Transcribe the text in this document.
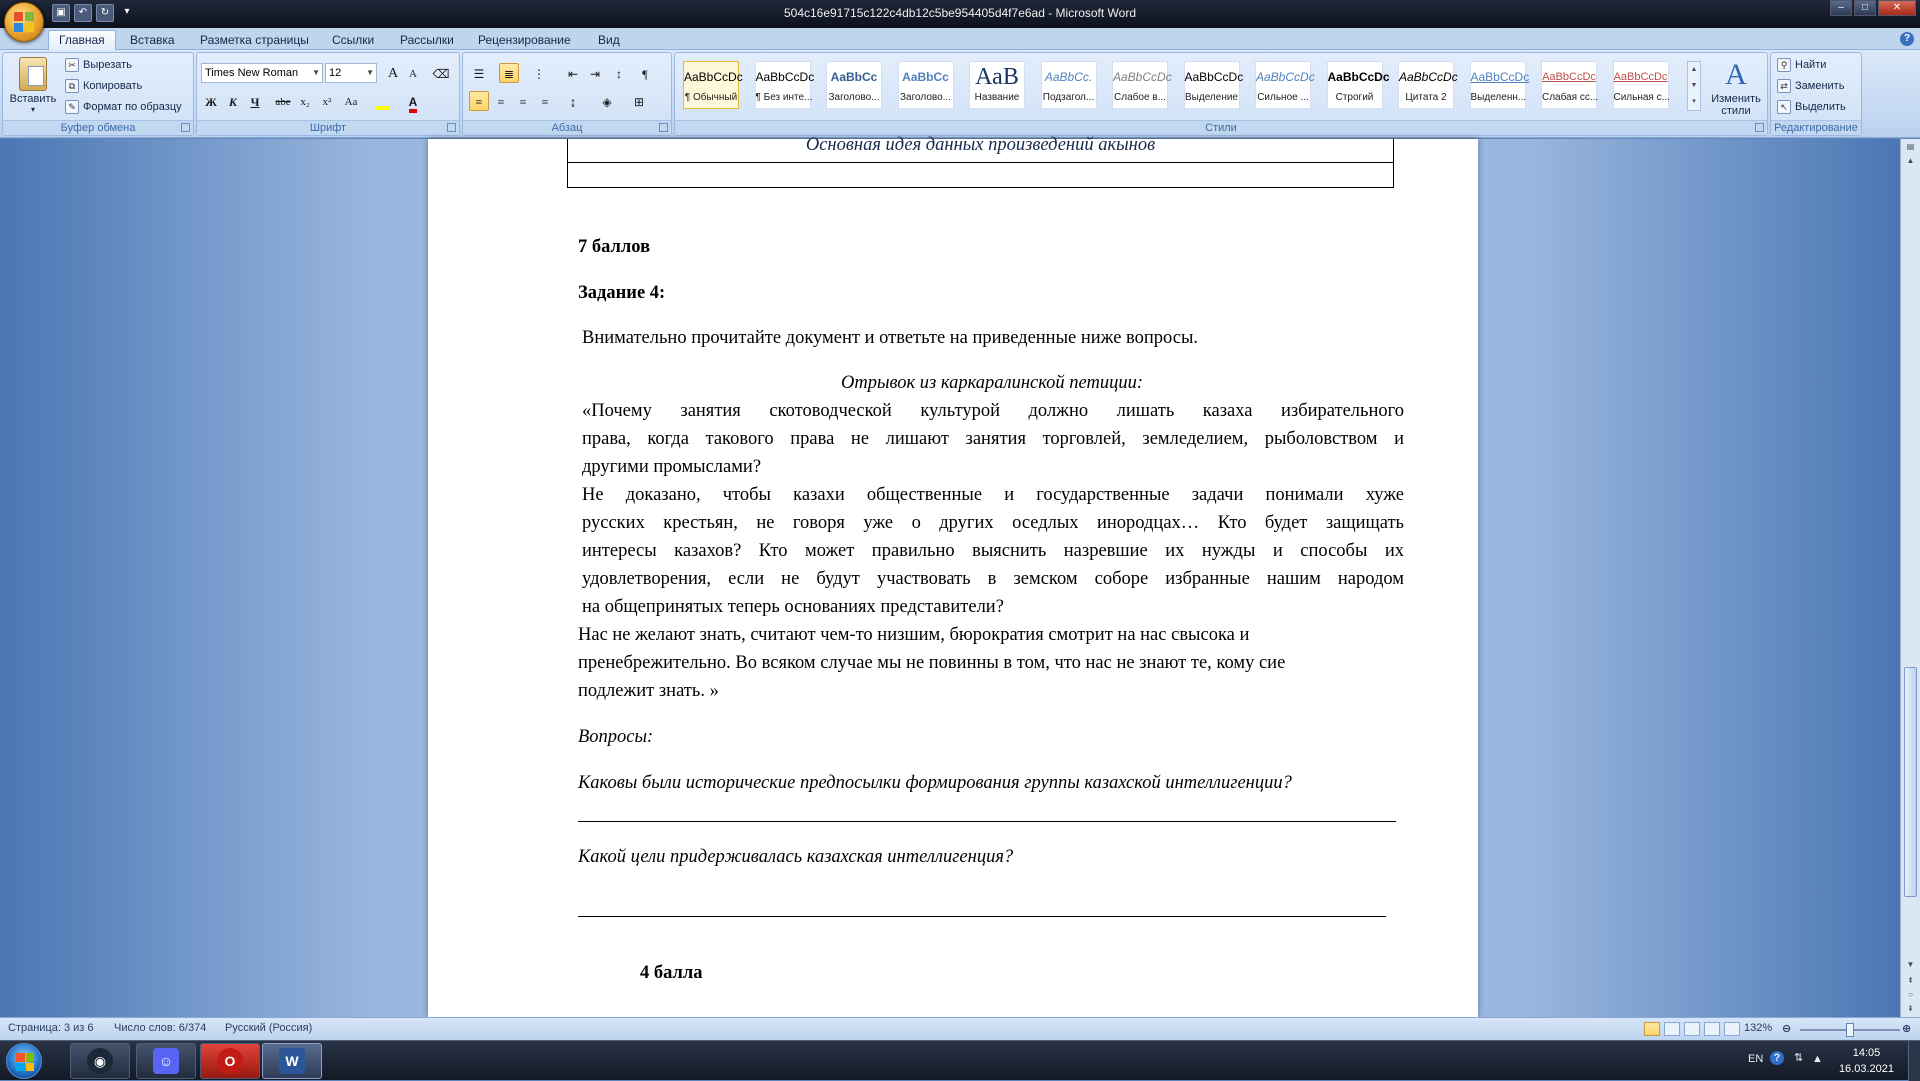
▣	↶	↻	▾	504c16e91715c122c4db12c5be954405d4f7e6ad - Microsoft Word	–	□	✕
Главная	Вставка Разметка страницы Ссылки Рассылки Рецензирование Вид	?
Вставить
▾
✂ Вырезать
⧉ Копировать
✎ Формат по образцу
Буфер обмена
Times New Roman ▼ 12	▼ A A	⌫
Ж К	Ч	abe x₂	x²	Aa	A
Шрифт
☰	≣	⋮	⇤ ⇥	↕	¶
≡	≡	≡	≡	↨	◈	⊞
Абзац
AaBbCcDc
¶ Обычный
AaBbCcDc
¶ Без инте...
AaBbCc
Заголово...
AaBbCc
Заголово...
АаВ
Название
AaBbCc.
Подзагол...
AaBbCcDc
Слабое в...
AaBbCcDc
Выделение
AaBbCcDc
Сильное ...
AaBbCcDc
Строгий
AaBbCcDc
Цитата 2
AaBbCcDc
Выделенн...
AaBbCcDc
Слабая сс...
AaBbCcDc
Сильная с...
▲
▼
▾
A
Изменить стили
Стили
⚲ Найти
⇄ Заменить
↖ Выделить
Редактирование
Основная идея данных произведений акынов

7 баллов

Задание 4:

Внимательно прочитайте документ и ответьте на приведенные ниже вопросы.

Отрывок из каркаралинской петиции:

«Почему занятия скотоводческой культурой должно лишать казаха избирательного

права, когда такового права не лишают занятия торговлей, земледелием, рыболовством и

другими промыслами?

Не доказано, чтобы казахи общественные и государственные задачи понимали хуже

русских крестьян, не говоря уже о других оседлых инородцах… Кто будет защищать

интересы казахов? Кто может правильно выяснить назревшие их нужды и способы их

удовлетворения, если не будут участвовать в земском соборе избранные нашим народом

на общепринятых теперь основаниях представители?

Нас не желают знать, считают чем-то низшим, бюрократия смотрит на нас свысока и

пренебрежительно. Во всяком случае мы не повинны в том, что нас не знают те, кому сие

подлежит знать. »

Вопросы:

Каковы были исторические предпосылки формирования группы казахской интеллигенции?

Какой цели придерживалась казахская интеллигенция?

4 балла

▤
▲
▼
⇞
○
⇟
Страница: 3 из 6 Число слов: 6/374 Русский (Россия)	132% ⊖	⊕
◉	☺	O	W	EN ?	⇅ ▲	14:05
16.03.2021
